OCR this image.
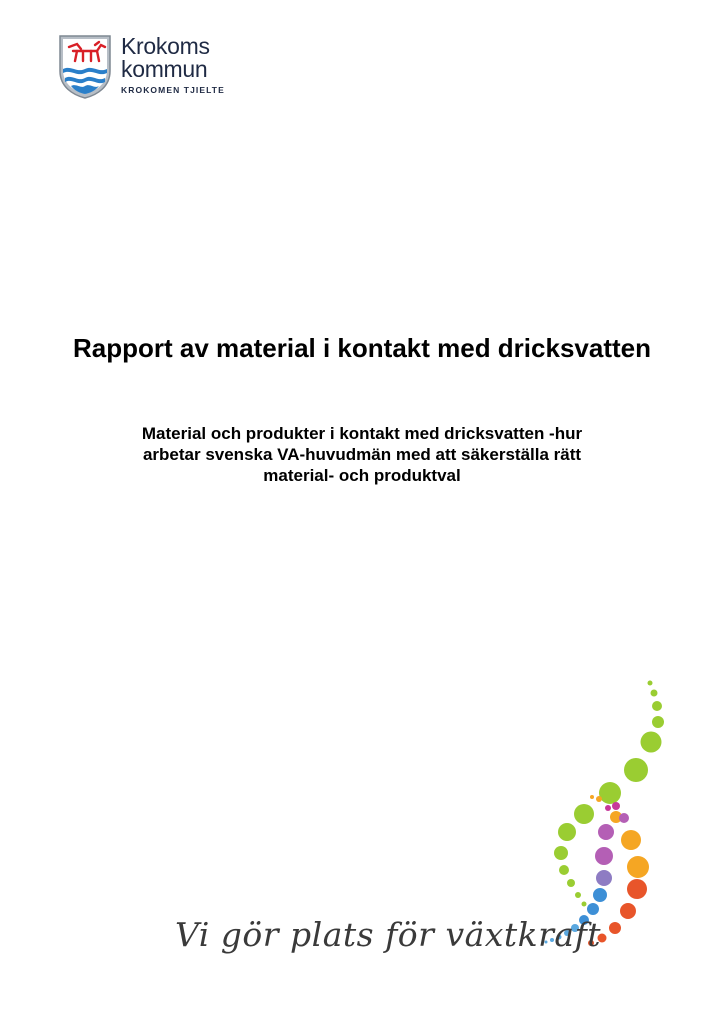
Krokoms
kommun
KROKOMEN TJIELTE
Rapport av material i kontakt med dricksvatten
Material och produkter i kontakt med dricksvatten -hur
arbetar svenska VA-huvudmän med att säkerställa rätt
material- och produktval
Vi gör plats för växtkraft
